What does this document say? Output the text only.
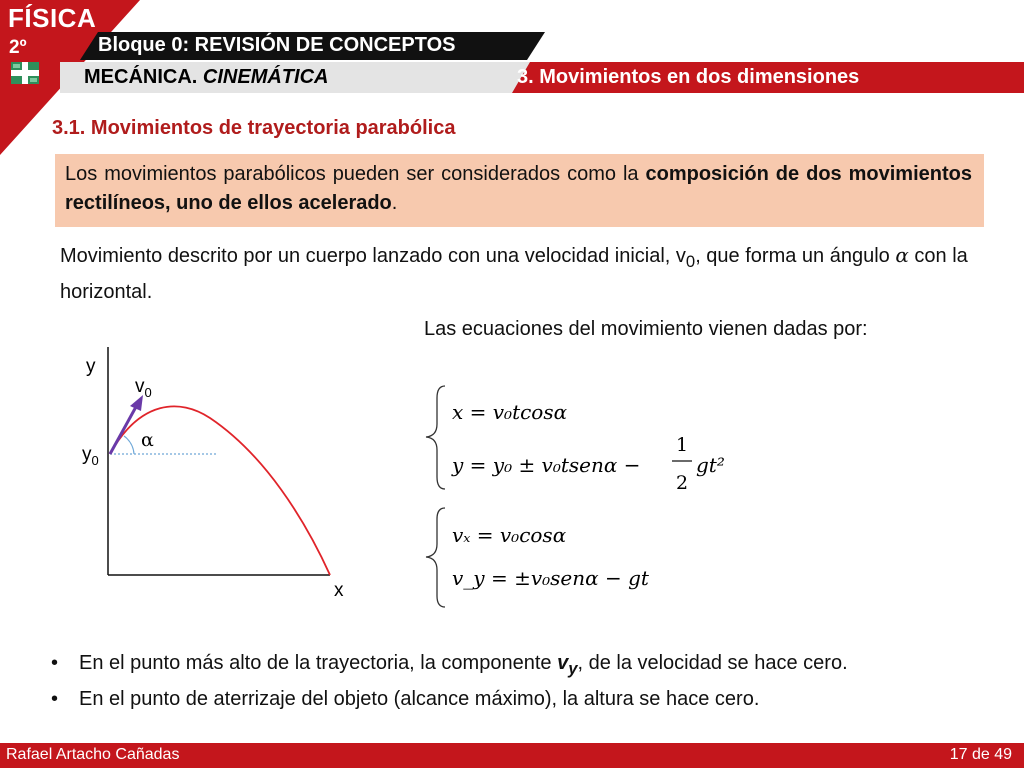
FÍSICA
2º	Bloque 0: REVISIÓN DE CONCEPTOS
MECÁNICA. CINEMÁTICA	3. Movimientos en dos dimensiones
3.1. Movimientos de trayectoria parabólica
Los movimientos parabólicos pueden ser considerados como la composición de dos movimientos rectilíneos, uno de ellos acelerado.
Movimiento descrito por un cuerpo lanzado con una velocidad inicial, $v_0$, que forma un ángulo α con la horizontal.
Las ecuaciones del movimiento vienen dadas por:
y
x
$v_0$
$y_0$
α
x = v₀tcosα
y = y₀ ± v₀tsenα −
1
2
gt²
vₓ = v₀cosα
v_y = ±v₀senα − gt
• En el punto más alto de la trayectoria, la componente $v_y$, de la velocidad se hace cero.
• En el punto de aterrizaje del objeto (alcance máximo), la altura se hace cero.
Rafael Artacho Cañadas	17 de 49
